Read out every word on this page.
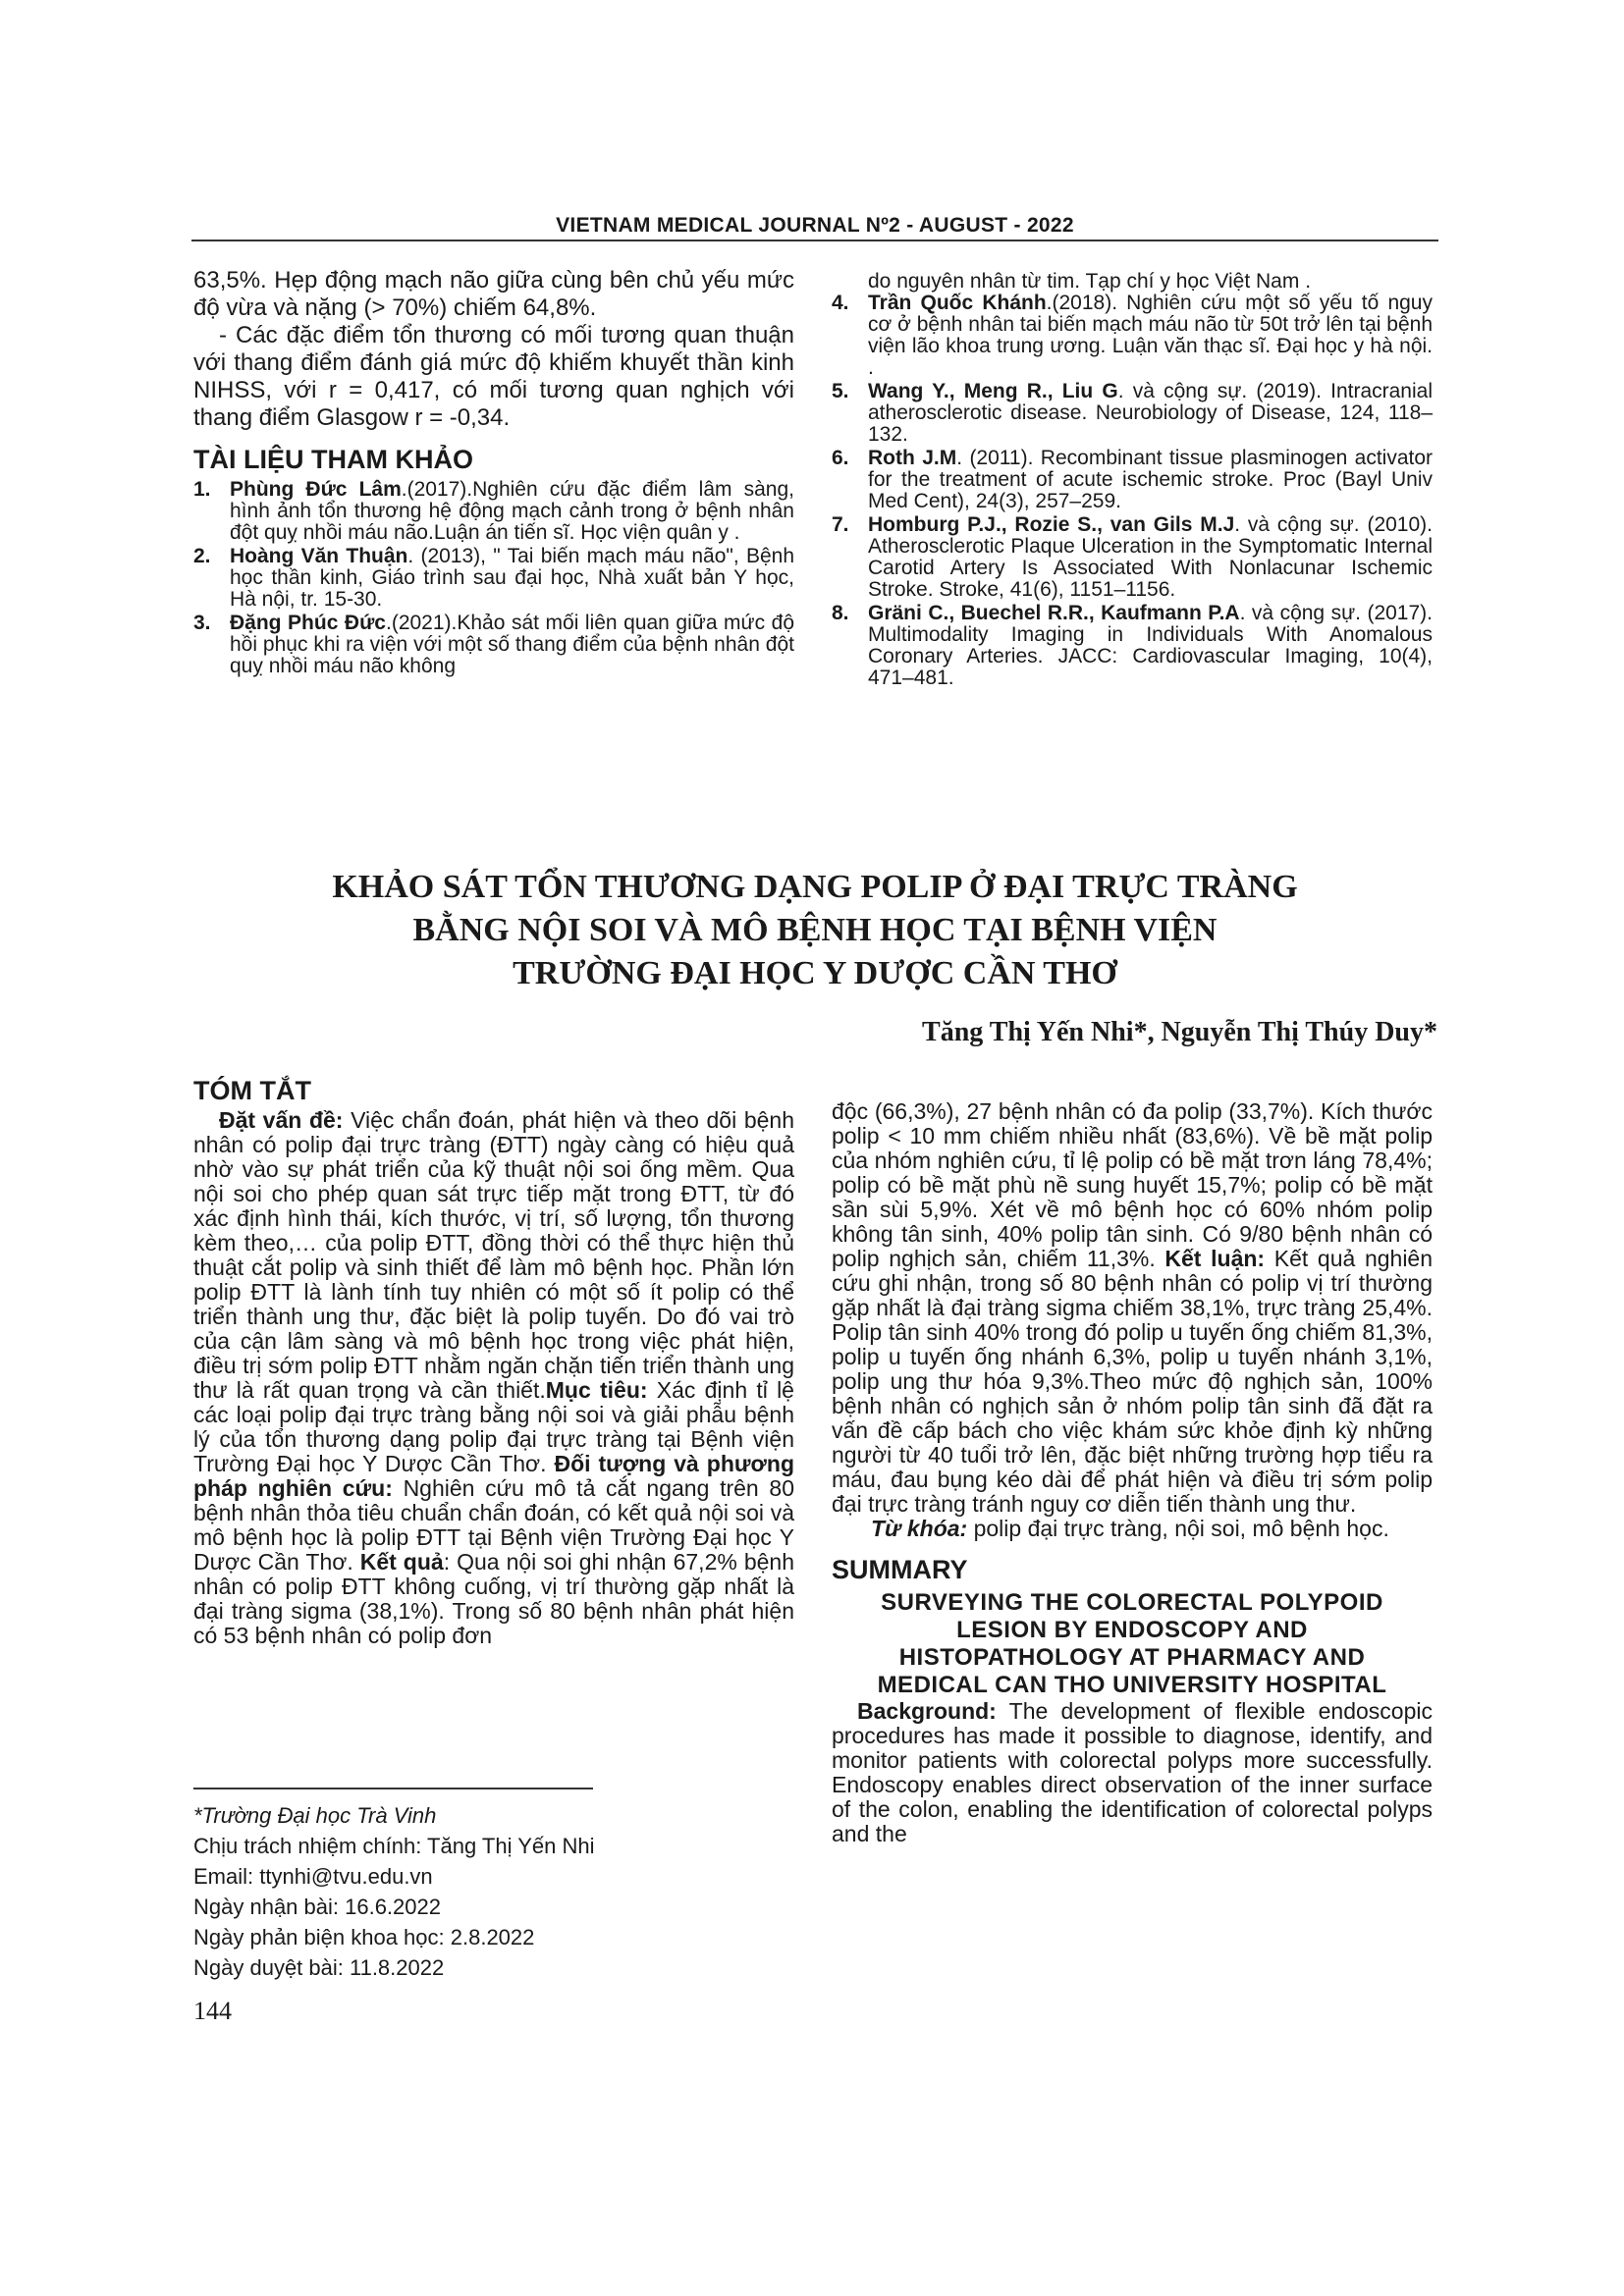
VIETNAM MEDICAL JOURNAL Nº2 - AUGUST - 2022

63,5%. Hẹp động mạch não giữa cùng bên chủ yếu mức độ vừa và nặng (> 70%) chiếm 64,8%.

- Các đặc điểm tổn thương có mối tương quan thuận với thang điểm đánh giá mức độ khiếm khuyết thần kinh NIHSS, với r = 0,417, có mối tương quan nghịch với thang điểm Glasgow r = -0,34.

TÀI LIỆU THAM KHẢO

1. Phùng Đức Lâm.(2017).Nghiên cứu đặc điểm lâm sàng, hình ảnh tổn thương hệ động mạch cảnh trong ở bệnh nhân đột quỵ nhồi máu não.Luận án tiến sĩ. Học viện quân y .
2. Hoàng Văn Thuận. (2013), " Tai biến mạch máu não", Bệnh học thần kinh, Giáo trình sau đại học, Nhà xuất bản Y học, Hà nội, tr. 15-30.
3. Đặng Phúc Đức.(2021).Khảo sát mối liên quan giữa mức độ hồi phục khi ra viện với một số thang điểm của bệnh nhân đột quỵ nhồi máu não không
do nguyên nhân từ tim. Tạp chí y học Việt Nam .
4. Trần Quốc Khánh.(2018). Nghiên cứu một số yếu tố nguy cơ ở bệnh nhân tai biến mạch máu não từ 50t trở lên tại bệnh viện lão khoa trung ương. Luận văn thạc sĩ. Đại học y hà nội. .
5. Wang Y., Meng R., Liu G. và cộng sự. (2019). Intracranial atherosclerotic disease. Neurobiology of Disease, 124, 118–132.
6. Roth J.M. (2011). Recombinant tissue plasminogen activator for the treatment of acute ischemic stroke. Proc (Bayl Univ Med Cent), 24(3), 257–259.
7. Homburg P.J., Rozie S., van Gils M.J. và cộng sự. (2010). Atherosclerotic Plaque Ulceration in the Symptomatic Internal Carotid Artery Is Associated With Nonlacunar Ischemic Stroke. Stroke, 41(6), 1151–1156.
8. Gräni C., Buechel R.R., Kaufmann P.A. và cộng sự. (2017). Multimodality Imaging in Individuals With Anomalous Coronary Arteries. JACC: Cardiovascular Imaging, 10(4), 471–481.
KHẢO SÁT TỔN THƯƠNG DẠNG POLIP Ở ĐẠI TRỰC TRÀNG
BẰNG NỘI SOI VÀ MÔ BỆNH HỌC TẠI BỆNH VIỆN
TRƯỜNG ĐẠI HỌC Y DƯỢC CẦN THƠ
Tăng Thị Yến Nhi*, Nguyễn Thị Thúy Duy*

TÓM TẮT

Đặt vấn đề: Việc chẩn đoán, phát hiện và theo dõi bệnh nhân có polip đại trực tràng (ĐTT) ngày càng có hiệu quả nhờ vào sự phát triển của kỹ thuật nội soi ống mềm. Qua nội soi cho phép quan sát trực tiếp mặt trong ĐTT, từ đó xác định hình thái, kích thước, vị trí, số lượng, tổn thương kèm theo,… của polip ĐTT, đồng thời có thể thực hiện thủ thuật cắt polip và sinh thiết để làm mô bệnh học. Phần lớn polip ĐTT là lành tính tuy nhiên có một số ít polip có thể triển thành ung thư, đặc biệt là polip tuyến. Do đó vai trò của cận lâm sàng và mô bệnh học trong việc phát hiện, điều trị sớm polip ĐTT nhằm ngăn chặn tiến triển thành ung thư là rất quan trọng và cần thiết.Mục tiêu: Xác định tỉ lệ các loại polip đại trực tràng bằng nội soi và giải phẫu bệnh lý của tổn thương dạng polip đại trực tràng tại Bệnh viện Trường Đại học Y Dược Cần Thơ. Đối tượng và phương pháp nghiên cứu: Nghiên cứu mô tả cắt ngang trên 80 bệnh nhân thỏa tiêu chuẩn chẩn đoán, có kết quả nội soi và mô bệnh học là polip ĐTT tại Bệnh viện Trường Đại học Y Dược Cần Thơ. Kết quả: Qua nội soi ghi nhận 67,2% bệnh nhân có polip ĐTT không cuống, vị trí thường gặp nhất là đại tràng sigma (38,1%). Trong số 80 bệnh nhân phát hiện có 53 bệnh nhân có polip đơn

*Trường Đại học Trà Vinh
Chịu trách nhiệm chính: Tăng Thị Yến Nhi
Email: ttynhi@tvu.edu.vn
Ngày nhận bài: 16.6.2022
Ngày phản biện khoa học: 2.8.2022
Ngày duyệt bài: 11.8.2022

độc (66,3%), 27 bệnh nhân có đa polip (33,7%). Kích thước polip < 10 mm chiếm nhiều nhất (83,6%). Về bề mặt polip của nhóm nghiên cứu, tỉ lệ polip có bề mặt trơn láng 78,4%; polip có bề mặt phù nề sung huyết 15,7%; polip có bề mặt sần sùi 5,9%. Xét về mô bệnh học có 60% nhóm polip không tân sinh, 40% polip tân sinh. Có 9/80 bệnh nhân có polip nghịch sản, chiếm 11,3%. Kết luận: Kết quả nghiên cứu ghi nhận, trong số 80 bệnh nhân có polip vị trí thường gặp nhất là đại tràng sigma chiếm 38,1%, trực tràng 25,4%. Polip tân sinh 40% trong đó polip u tuyến ống chiếm 81,3%, polip u tuyến ống nhánh 6,3%, polip u tuyến nhánh 3,1%, polip ung thư hóa 9,3%.Theo mức độ nghịch sản, 100% bệnh nhân có nghịch sản ở nhóm polip tân sinh đã đặt ra vấn đề cấp bách cho việc khám sức khỏe định kỳ những người từ 40 tuổi trở lên, đặc biệt những trường hợp tiểu ra máu, đau bụng kéo dài để phát hiện và điều trị sớm polip đại trực tràng tránh nguy cơ diễn tiến thành ung thư.

Từ khóa: polip đại trực tràng, nội soi, mô bệnh học.

SUMMARY

SURVEYING THE COLORECTAL POLYPOID

LESION BY ENDOSCOPY AND

HISTOPATHOLOGY AT PHARMACY AND

MEDICAL CAN THO UNIVERSITY HOSPITAL

Background: The development of flexible endoscopic procedures has made it possible to diagnose, identify, and monitor patients with colorectal polyps more successfully. Endoscopy enables direct observation of the inner surface of the colon, enabling the identification of colorectal polyps and the

144
